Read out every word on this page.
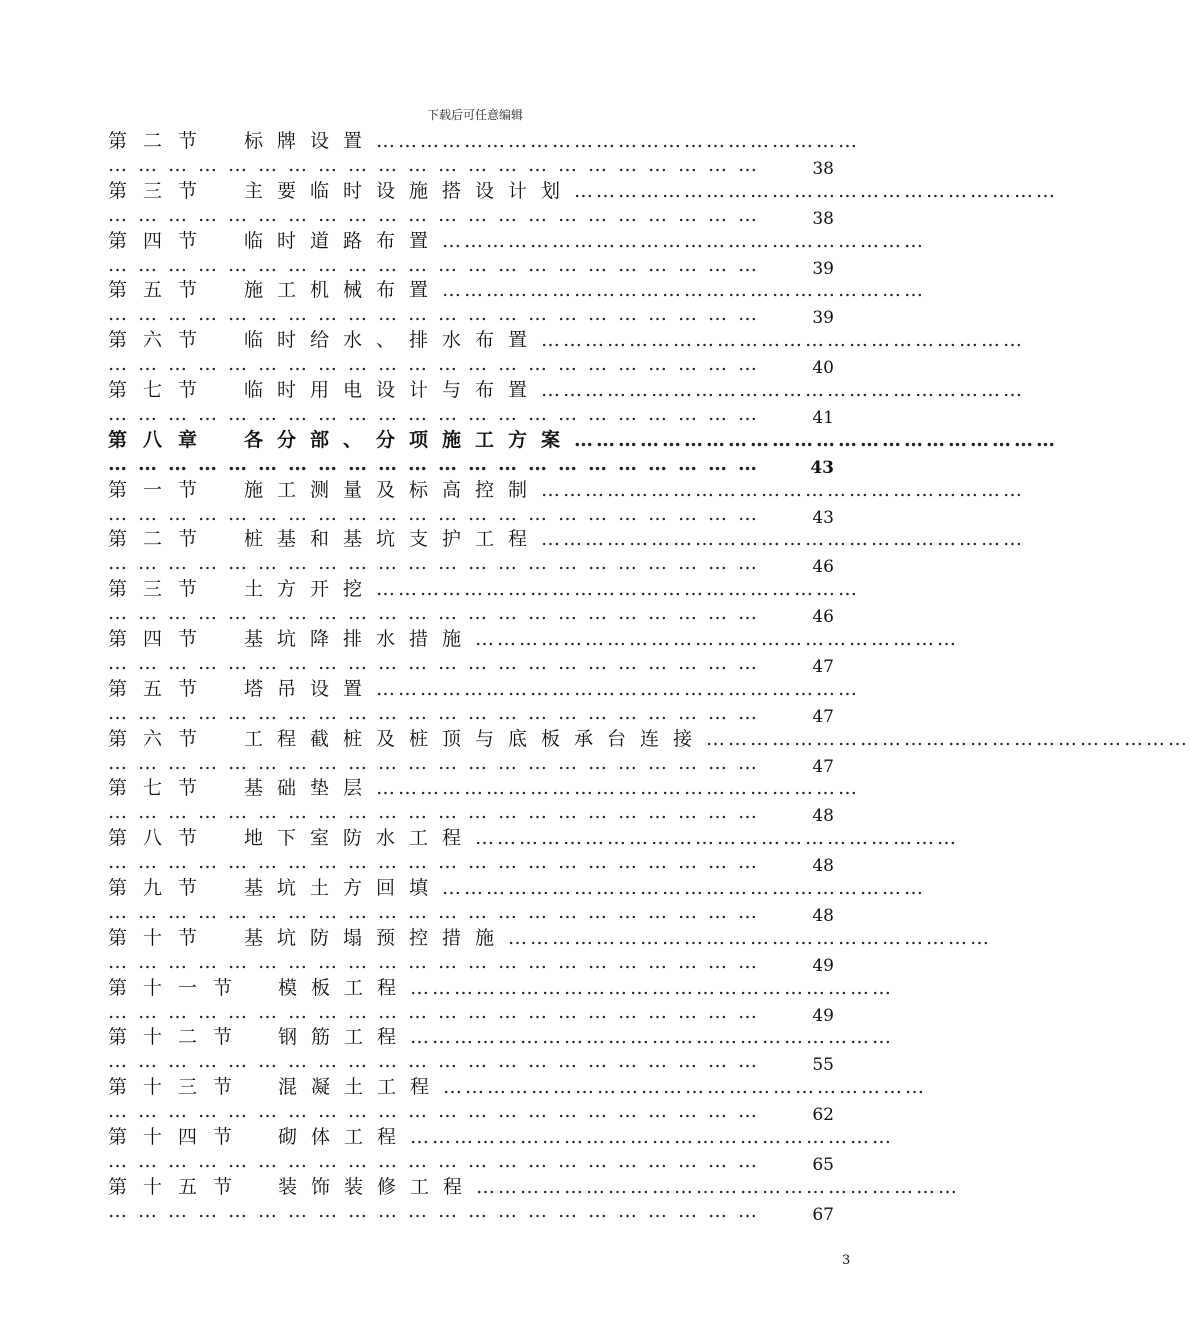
下载后可任意编辑
第二节 标牌设置…………………………………………………………
…………………………………………………………	38
第三节 主要临时设施搭设计划…………………………………………………………
…………………………………………………………	38
第四节 临时道路布置…………………………………………………………
…………………………………………………………	39
第五节 施工机械布置…………………………………………………………
…………………………………………………………	39
第六节 临时给水、排水布置…………………………………………………………
…………………………………………………………	40
第七节 临时用电设计与布置…………………………………………………………
…………………………………………………………	41
第八章 各分部、分项施工方案…………………………………………………………
…………………………………………………………	43
第一节 施工测量及标高控制…………………………………………………………
…………………………………………………………	43
第二节 桩基和基坑支护工程…………………………………………………………
…………………………………………………………	46
第三节 土方开挖…………………………………………………………
…………………………………………………………	46
第四节 基坑降排水措施…………………………………………………………
…………………………………………………………	47
第五节 塔吊设置…………………………………………………………
…………………………………………………………	47
第六节 工程截桩及桩顶与底板承台连接…………………………………………………………
…………………………………………………………	47
第七节 基础垫层…………………………………………………………
…………………………………………………………	48
第八节 地下室防水工程…………………………………………………………
…………………………………………………………	48
第九节 基坑土方回填…………………………………………………………
…………………………………………………………	48
第十节 基坑防塌预控措施…………………………………………………………
…………………………………………………………	49
第十一节 模板工程…………………………………………………………
…………………………………………………………	49
第十二节 钢筋工程…………………………………………………………
…………………………………………………………	55
第十三节 混凝土工程…………………………………………………………
…………………………………………………………	62
第十四节 砌体工程…………………………………………………………
…………………………………………………………	65
第十五节 装饰装修工程…………………………………………………………
…………………………………………………………	67
3
